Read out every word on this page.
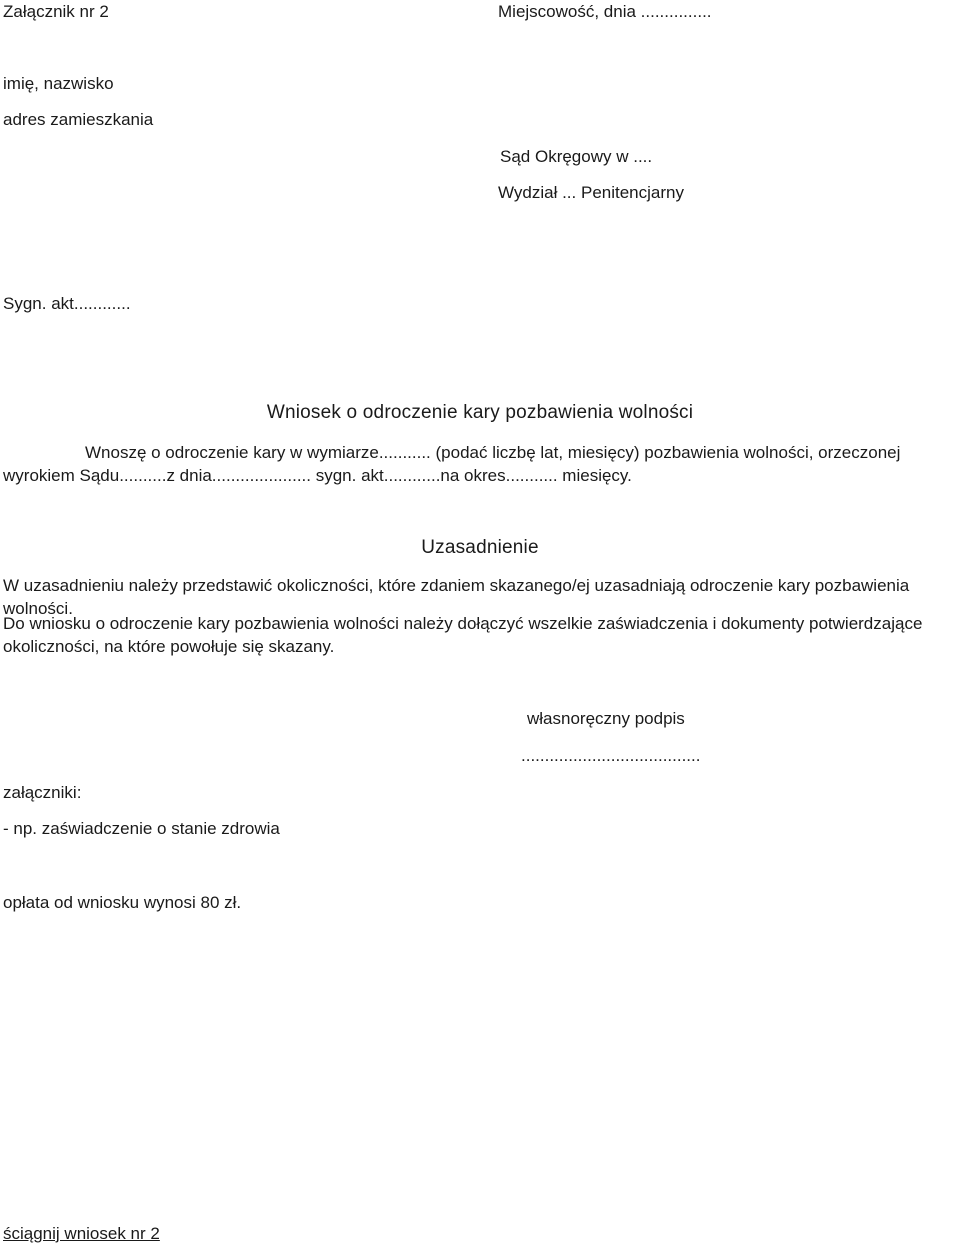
Załącznik nr 2	Miejscowość, dnia ...............
imię, nazwisko
adres zamieszkania
Sąd Okręgowy w ....
Wydział ... Penitencjarny
Sygn. akt............
Wniosek o odroczenie kary pozbawienia wolności
Wnoszę o odroczenie kary w wymiarze........... (podać liczbę lat, miesięcy) pozbawienia wolności, orzeczonej wyrokiem Sądu..........z dnia..................... sygn. akt............na okres........... miesięcy.
Uzasadnienie
W uzasadnieniu należy przedstawić okoliczności, które zdaniem skazanego/ej uzasadniają odroczenie kary pozbawienia wolności.
Do wniosku o odroczenie kary pozbawienia wolności należy dołączyć wszelkie zaświadczenia i dokumenty potwierdzające okoliczności, na które powołuje się skazany.
własnoręczny podpis
......................................
załączniki:
- np. zaświadczenie o stanie zdrowia
opłata od wniosku wynosi 80 zł.
ściągnij wniosek nr 2
